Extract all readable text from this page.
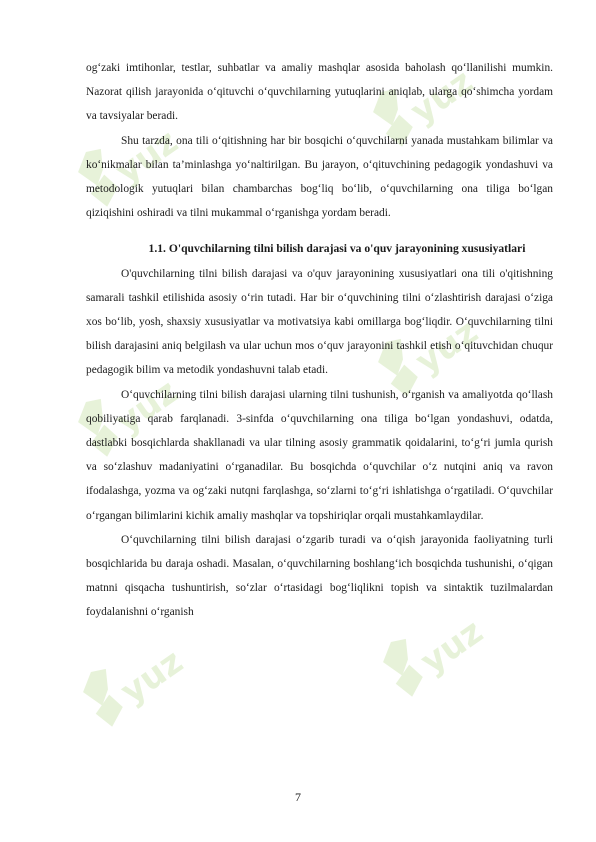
yuz
yuz
yuz
yuz
yuz	yuz

og‘zaki imtihonlar, testlar, suhbatlar va amaliy mashqlar asosida baholash qo‘llanilishi mumkin. Nazorat qilish jarayonida o‘qituvchi o‘quvchilarning yutuqlarini aniqlab, ularga qo‘shimcha yordam va tavsiyalar beradi.

Shu tarzda, ona tili o‘qitishning har bir bosqichi o‘quvchilarni yanada mustahkam bilimlar va ko‘nikmalar bilan ta’minlashga yo‘naltirilgan. Bu jarayon, o‘qituvchining pedagogik yondashuvi va metodologik yutuqlari bilan chambarchas bog‘liq bo‘lib, o‘quvchilarning ona tiliga bo‘lgan qiziqishini oshiradi va tilni mukammal o‘rganishga yordam beradi.

1.1. O'quvchilarning tilni bilish darajasi va o'quv jarayonining xususiyatlari

O'quvchilarning tilni bilish darajasi va o'quv jarayonining xususiyatlari ona tili o'qitishning samarali tashkil etilishida asosiy o‘rin tutadi. Har bir o‘quvchining tilni o‘zlashtirish darajasi o‘ziga xos bo‘lib, yosh, shaxsiy xususiyatlar va motivatsiya kabi omillarga bog‘liqdir. O‘quvchilarning tilni bilish darajasini aniq belgilash va ular uchun mos o‘quv jarayonini tashkil etish o‘qituvchidan chuqur pedagogik bilim va metodik yondashuvni talab etadi.

O‘quvchilarning tilni bilish darajasi ularning tilni tushunish, o‘rganish va amaliyotda qo‘llash qobiliyatiga qarab farqlanadi. 3-sinfda o‘quvchilarning ona tiliga bo‘lgan yondashuvi, odatda, dastlabki bosqichlarda shakllanadi va ular tilning asosiy grammatik qoidalarini, to‘g‘ri jumla qurish va so‘zlashuv madaniyatini o‘rganadilar. Bu bosqichda o‘quvchilar o‘z nutqini aniq va ravon ifodalashga, yozma va og‘zaki nutqni farqlashga, so‘zlarni to‘g‘ri ishlatishga o‘rgatiladi. O‘quvchilar o‘rgangan bilimlarini kichik amaliy mashqlar va topshiriqlar orqali mustahkamlaydilar.

O‘quvchilarning tilni bilish darajasi o‘zgarib turadi va o‘qish jarayonida faoliyatning turli bosqichlarida bu daraja oshadi. Masalan, o‘quvchilarning boshlang‘ich bosqichda tushunishi, o‘qigan matnni qisqacha tushuntirish, so‘zlar o‘rtasidagi bog‘liqlikni topish va sintaktik tuzilmalardan foydalanishni o‘rganish

7
